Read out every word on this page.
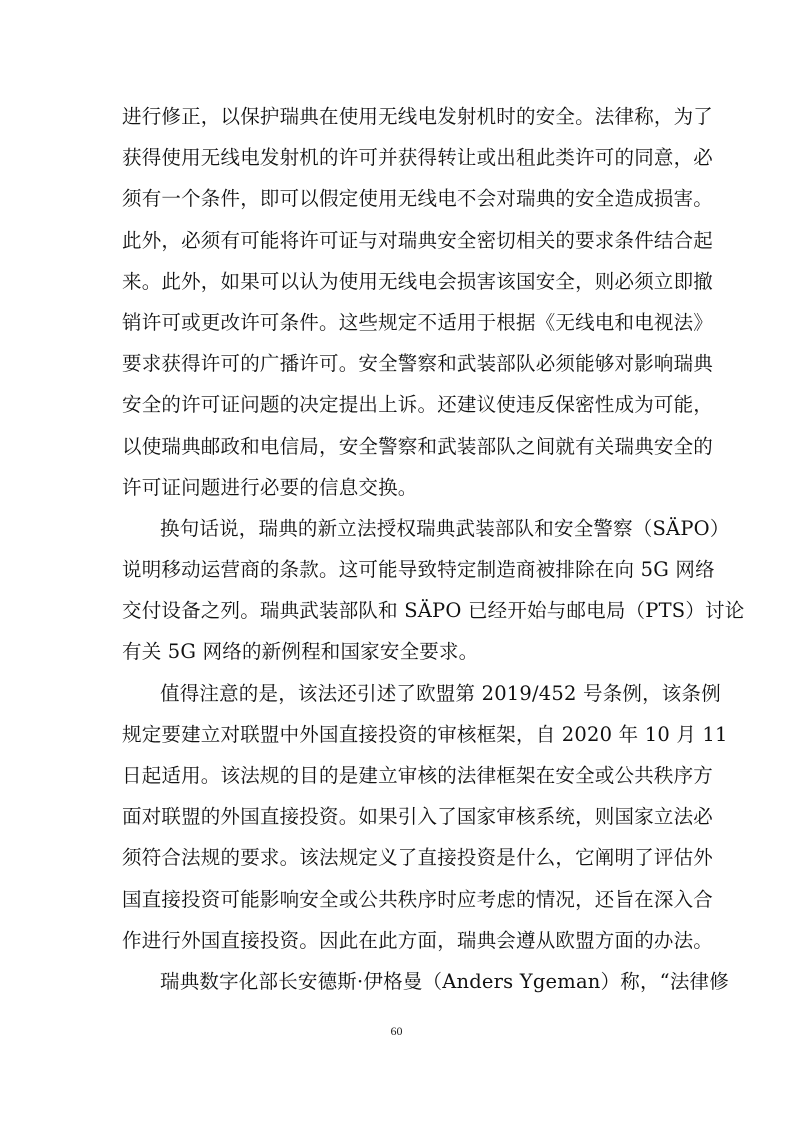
进行修正，以保护瑞典在使用无线电发射机时的安全。法律称，为了
获得使用无线电发射机的许可并获得转让或出租此类许可的同意，必
须有一个条件，即可以假定使用无线电不会对瑞典的安全造成损害。
此外，必须有可能将许可证与对瑞典安全密切相关的要求条件结合起
来。此外，如果可以认为使用无线电会损害该国安全，则必须立即撤
销许可或更改许可条件。这些规定不适用于根据《无线电和电视法》
要求获得许可的广播许可。安全警察和武装部队必须能够对影响瑞典
安全的许可证问题的决定提出上诉。还建议使违反保密性成为可能，
以使瑞典邮政和电信局，安全警察和武装部队之间就有关瑞典安全的
许可证问题进行必要的信息交换。
换句话说，瑞典的新立法授权瑞典武装部队和安全警察（SÄPO）
说明移动运营商的条款。这可能导致特定制造商被排除在向 5G 网络
交付设备之列。瑞典武装部队和 SÄPO 已经开始与邮电局（PTS）讨论
有关 5G 网络的新例程和国家安全要求。
值得注意的是，该法还引述了欧盟第 2019/452 号条例，该条例
规定要建立对联盟中外国直接投资的审核框架，自 2020 年 10 月 11
日起适用。该法规的目的是建立审核的法律框架在安全或公共秩序方
面对联盟的外国直接投资。如果引入了国家审核系统，则国家立法必
须符合法规的要求。该法规定义了直接投资是什么，它阐明了评估外
国直接投资可能影响安全或公共秩序时应考虑的情况，还旨在深入合
作进行外国直接投资。因此在此方面，瑞典会遵从欧盟方面的办法。
瑞典数字化部长安德斯·伊格曼（Anders Ygeman）称，“法律修
60
